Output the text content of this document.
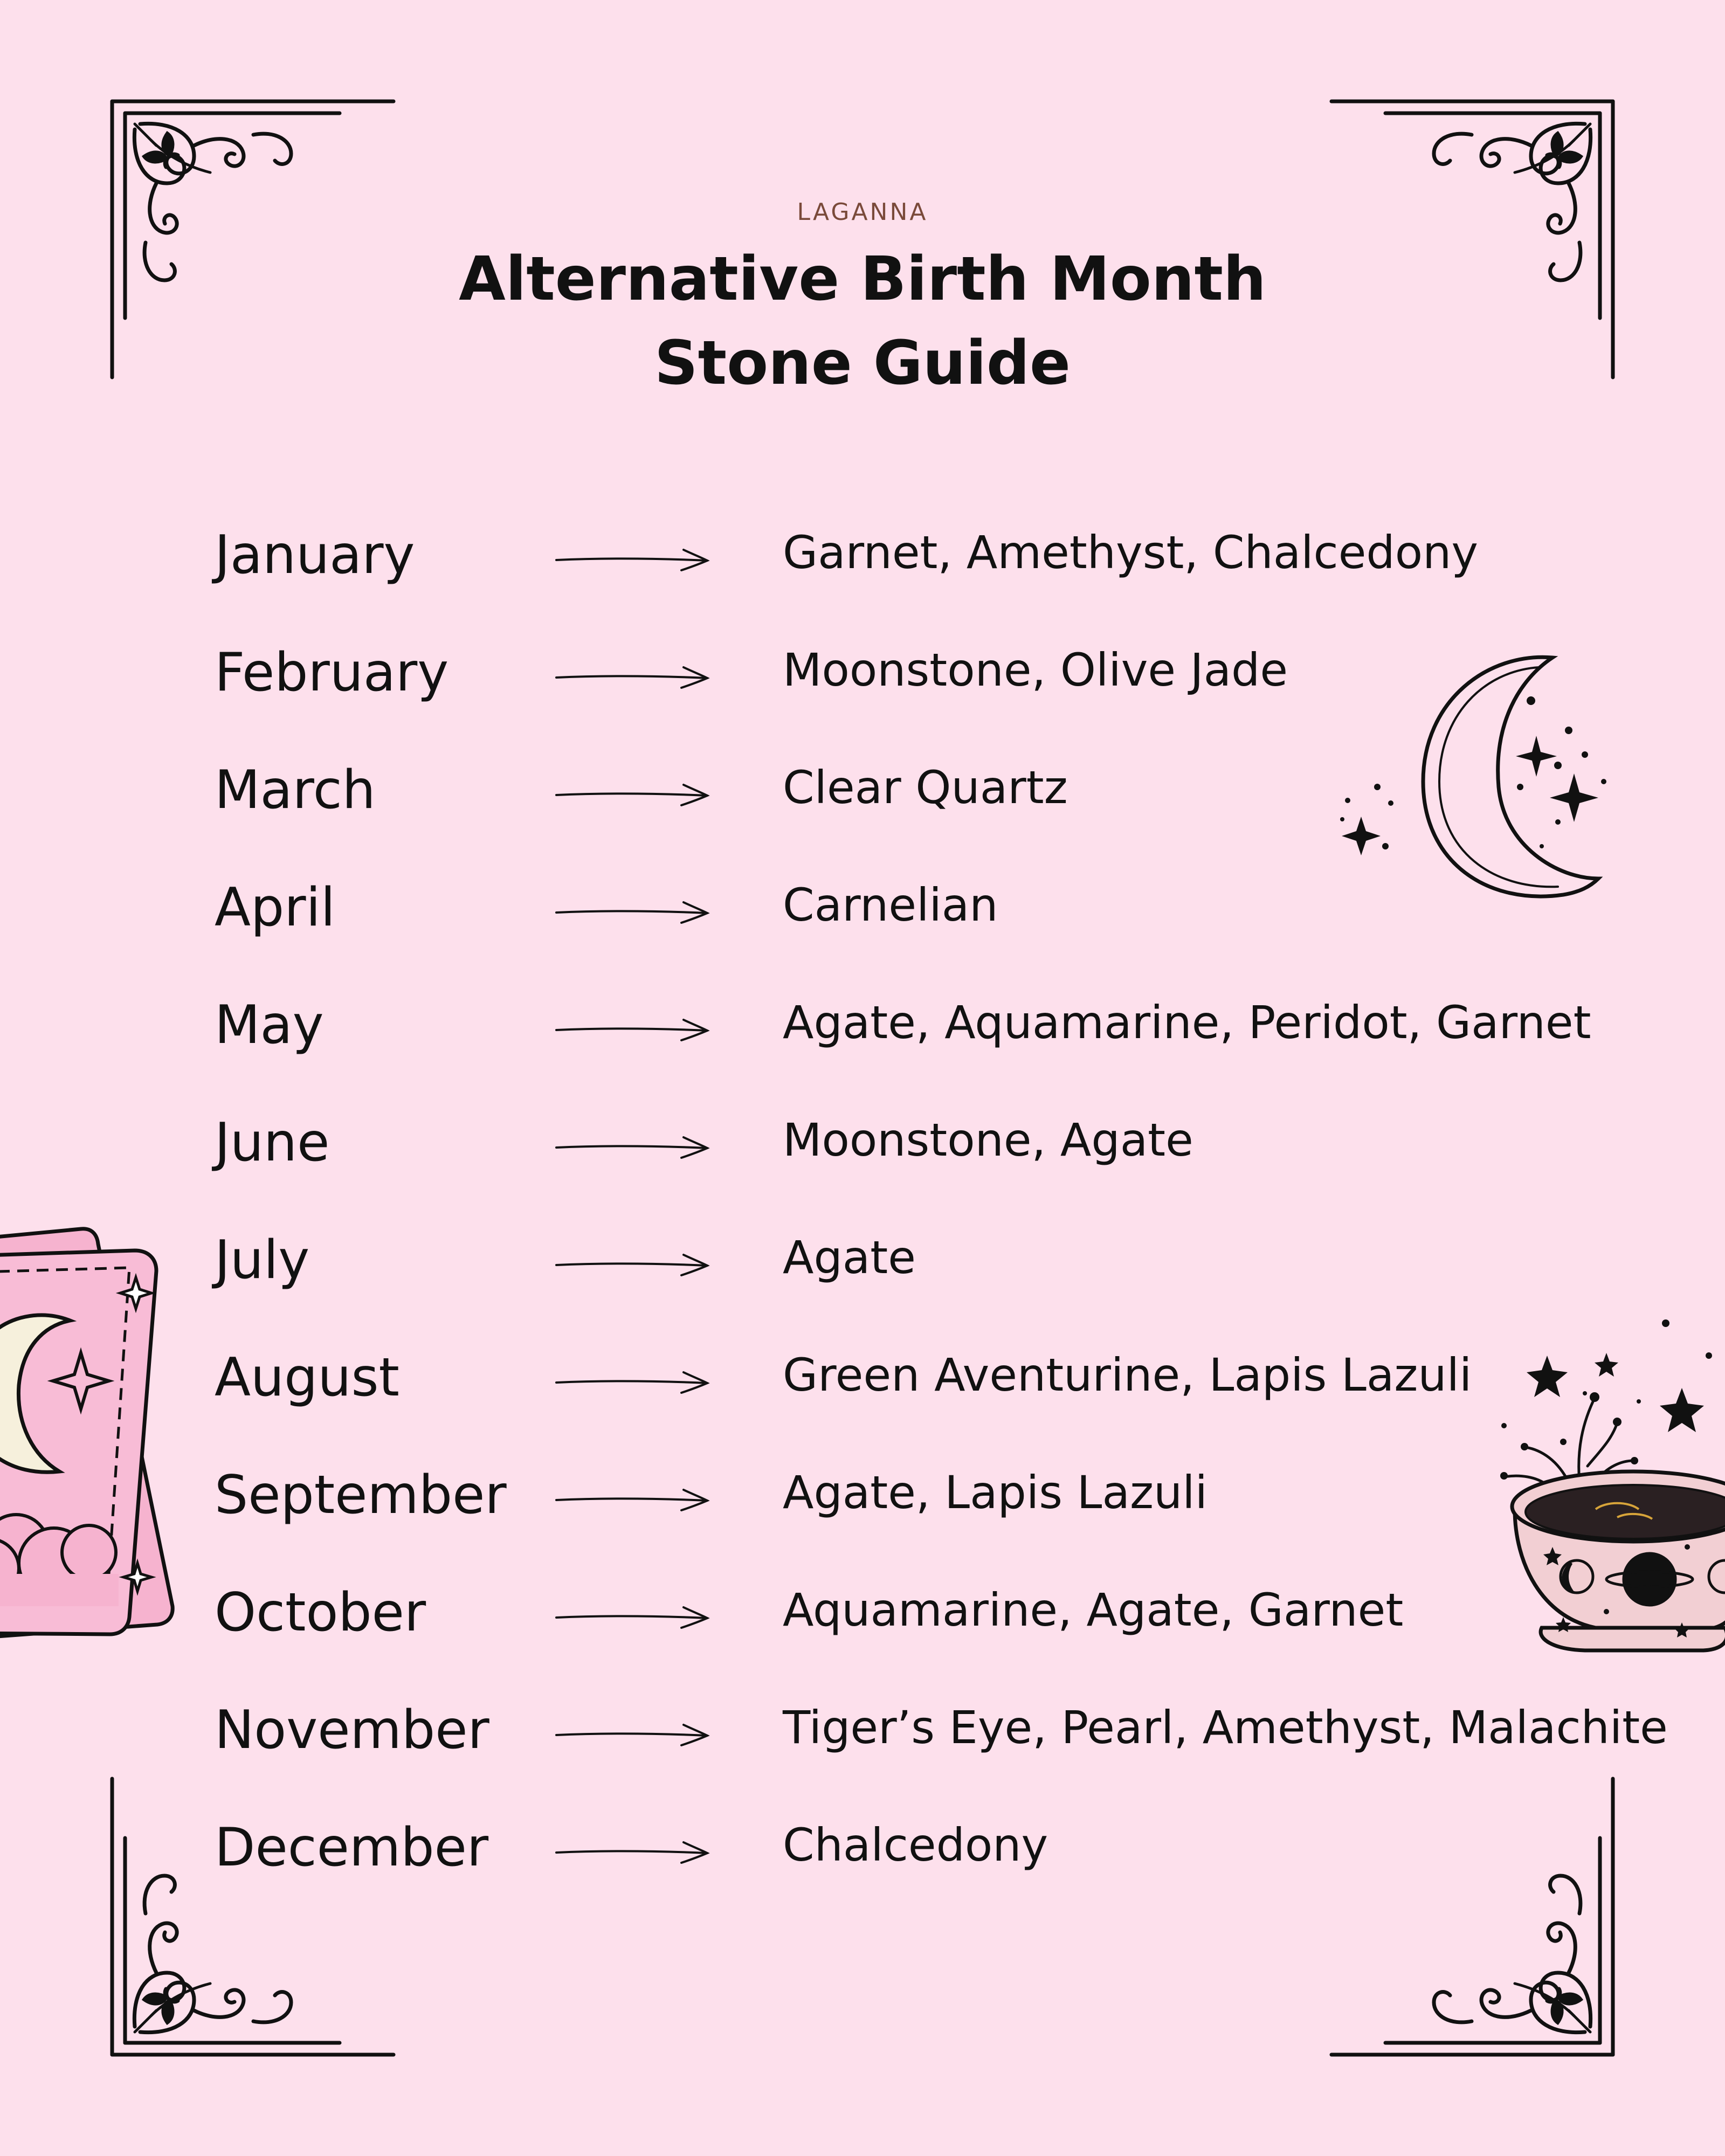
LAGANNA
Alternative Birth Month
Stone Guide
January	Garnet, Amethyst, Chalcedony
February	Moonstone, Olive Jade
March	Clear Quartz
April	Carnelian
May	Agate, Aquamarine, Peridot, Garnet
June	Moonstone, Agate
July	Agate
August	Green Aventurine, Lapis Lazuli
September	Agate, Lapis Lazuli
October	Aquamarine, Agate, Garnet
November	Tiger’s Eye, Pearl, Amethyst, Malachite
December	Chalcedony
